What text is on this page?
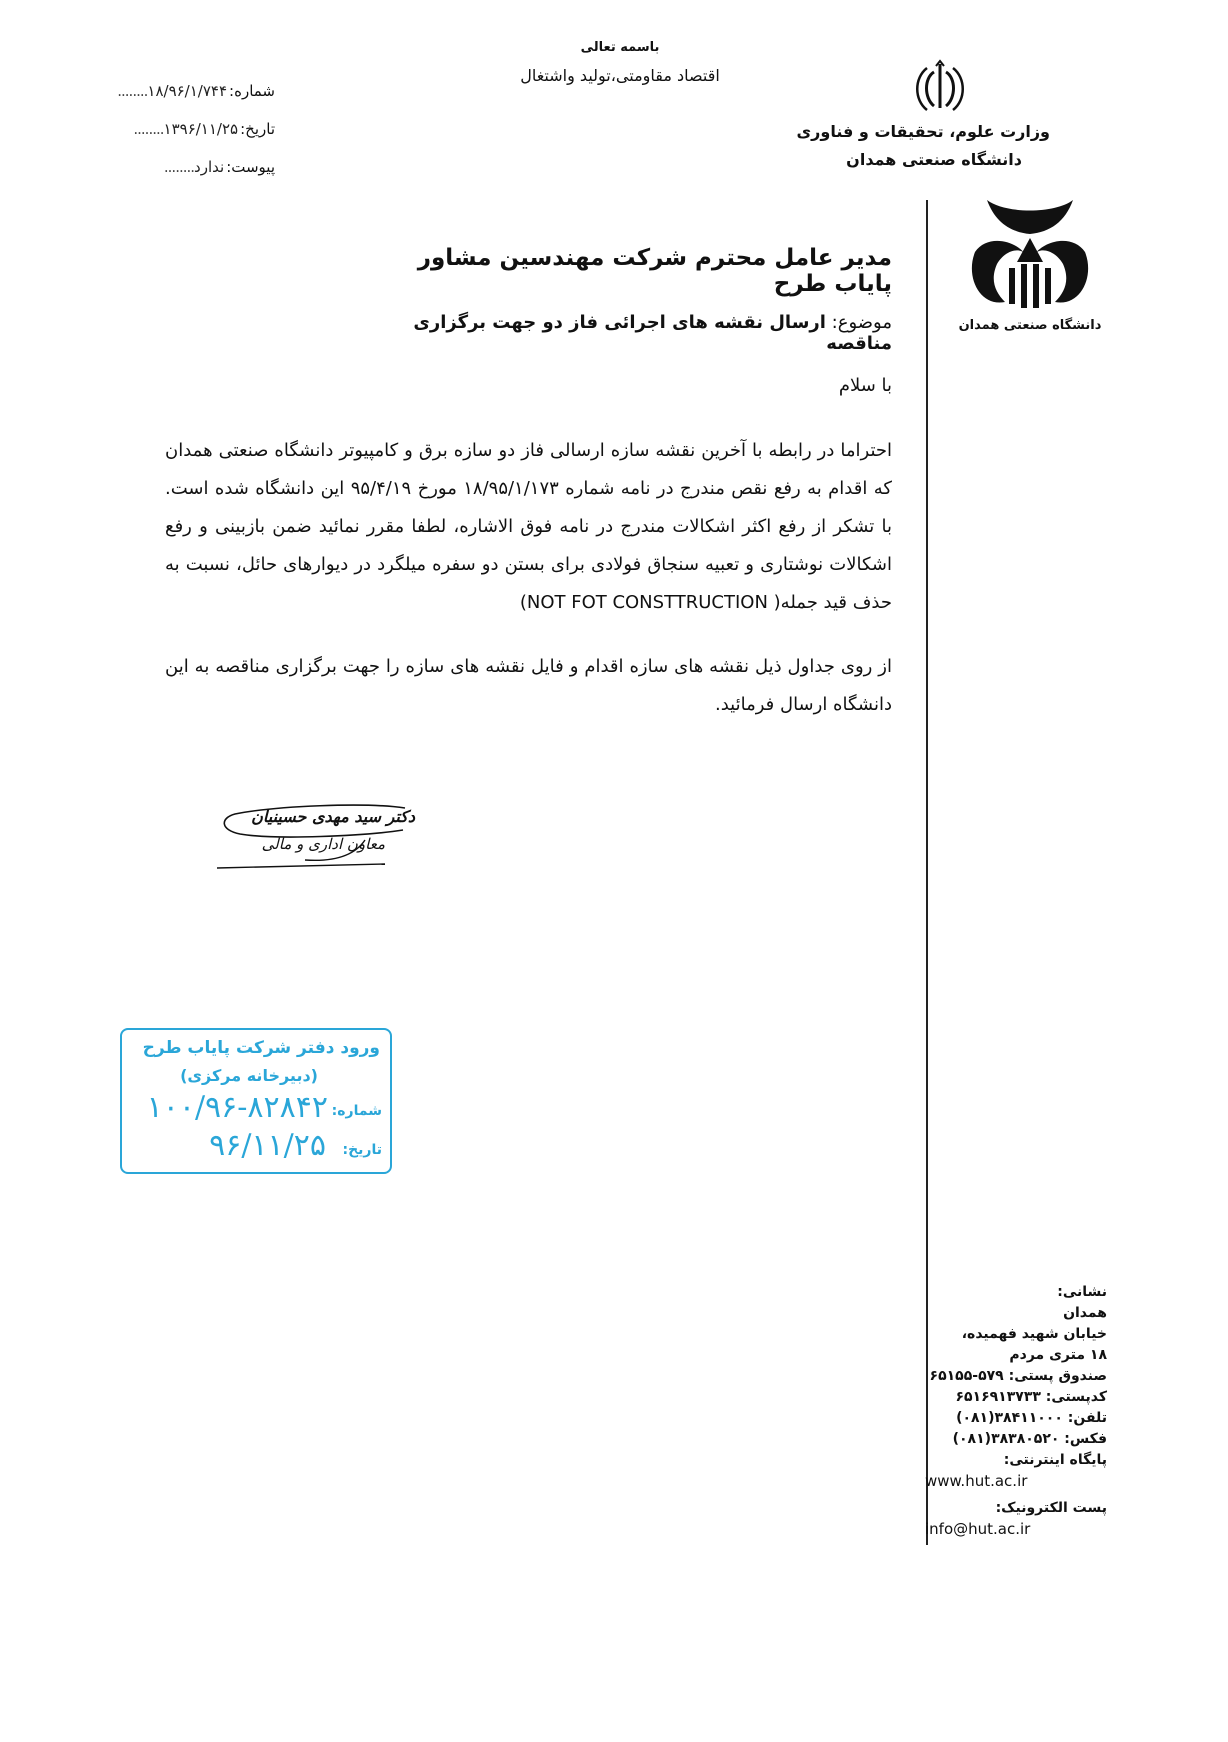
باسمه تعالی
اقتصاد مقاومتی،تولید واشتغال
شماره:
۱۸/۹۶/۱/۷۴۴
........
تاریخ:
۱۳۹۶/۱۱/۲۵
........
پیوست:
ندارد
........
وزارت علوم، تحقیقات و فناوری
دانشگاه صنعتی همدان
دانشگاه صنعتی همدان
مدیر عامل محترم شرکت مهندسین مشاور پایاب طرح
موضوع: ارسال نقشه های اجرائی فاز دو جهت برگزاری مناقصه
با سلام
احتراما در رابطه با آخرین نقشه سازه ارسالی فاز دو سازه برق و کامپیوتر دانشگاه صنعتی همدان که اقدام به رفع نقص مندرج در نامه شماره ۱۸/۹۵/۱/۱۷۳ مورخ ۹۵/۴/۱۹ این دانشگاه شده است. با تشکر از رفع اکثر اشکالات مندرج در نامه فوق الاشاره، لطفا مقرر نمائید ضمن بازبینی و رفع اشکالات نوشتاری و تعبیه سنجاق فولادی برای بستن دو سفره میلگرد در دیوارهای حائل، نسبت به حذف قید جمله( NOT FOT CONSTTRUCTION)
از روی جداول ذیل نقشه های سازه اقدام و فایل نقشه های سازه را جهت برگزاری مناقصه به این دانشگاه ارسال فرمائید.
دکتر سید مهدی حسینیان
معاون اداری و مالی
ورود دفتر شرکت پایاب طرح
(دبیرخانه مرکزی)
شماره:
۱۰۰/۹۶-۸۲۸۴۲
تاریخ:
۹۶/۱۱/۲۵
نشانی:
همدان
خیابان شهید فهمیده،
۱۸ متری مردم
صندوق پستی: ۵۷۹-۶۵۱۵۵
کدپستی: ۶۵۱۶۹۱۳۷۳۳
تلفن: ۳۸۴۱۱۰۰۰(۰۸۱)
فکس: ۳۸۳۸۰۵۲۰(۰۸۱)
پایگاه اینترنتی:
www.hut.ac.ir
پست الکترونیک:
info@hut.ac.ir
